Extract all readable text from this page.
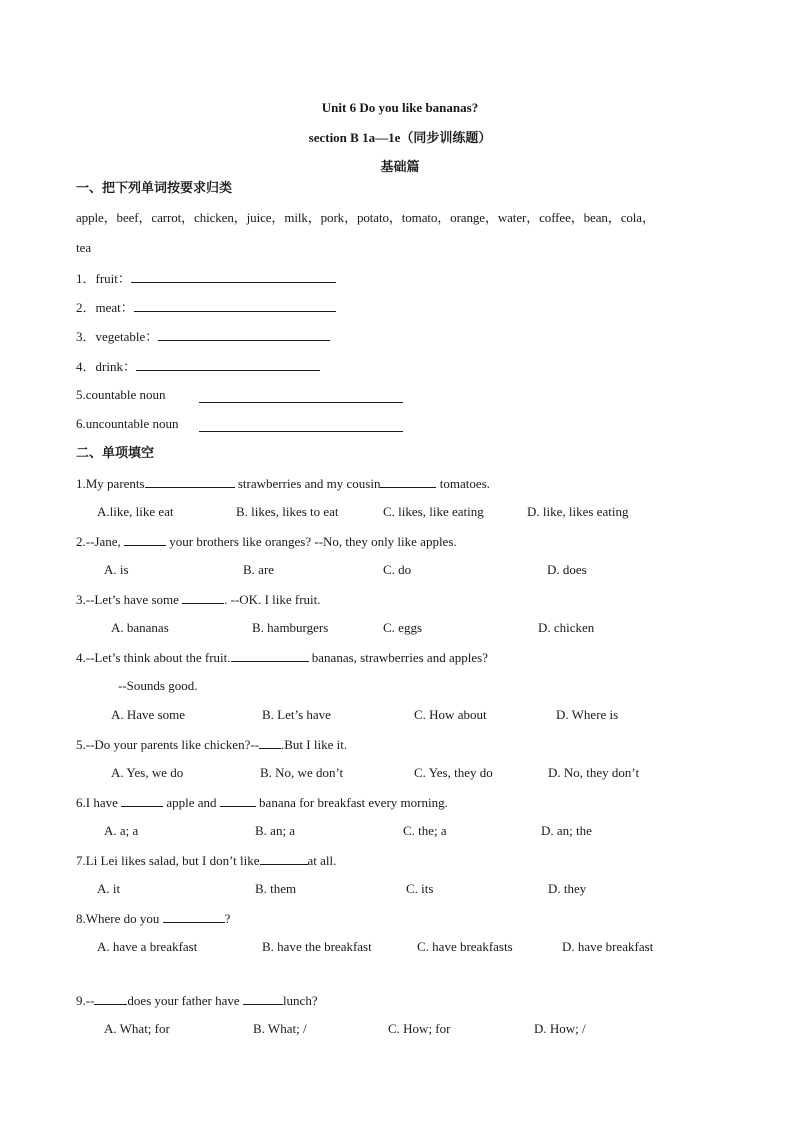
Unit 6 Do you like bananas?
section B 1a—1e（同步训练题）
基础篇
一、把下列单词按要求归类
apple，beef，carrot，chicken，juice，milk，pork，potato，tomato，orange，water，coffee，bean，cola，
tea
1．fruit：
2．meat：
3．vegetable：
4．drink：
5.countable noun
6.uncountable noun
二、单项填空
1.My parents	strawberries and my cousin	tomatoes.
A.like, like eat	B. likes, likes to eat	C. likes, like eating	D. like, likes eating
2.--Jane,	your brothers like oranges? --No, they only like apples.
A. is	B. are	C. do	D. does
3.--Let’s have some	. --OK. I like fruit.
A. bananas	B. hamburgers	C. eggs	D. chicken
4.--Let’s think about the fruit.	bananas, strawberries and apples?
--Sounds good.
A. Have some	B. Let’s have	C. How about	D. Where is
5.--Do your parents like chicken?-- .But I like it.
A. Yes, we do	B. No, we don’t	C. Yes, they do	D. No, they don’t
6.I have	apple and	banana for breakfast every morning.
A. a; a	B. an; a	C. the; a	D. an; the
7.Li Lei likes salad, but I don’t like	at all.
A. it	B. them	C. its	D. they
8.Where do you	?
A. have a breakfast	B. have the breakfast	C. have breakfasts	D. have breakfast
9.--	does your father have	lunch?
A. What; for	B. What; /	C. How; for	D. How; /
